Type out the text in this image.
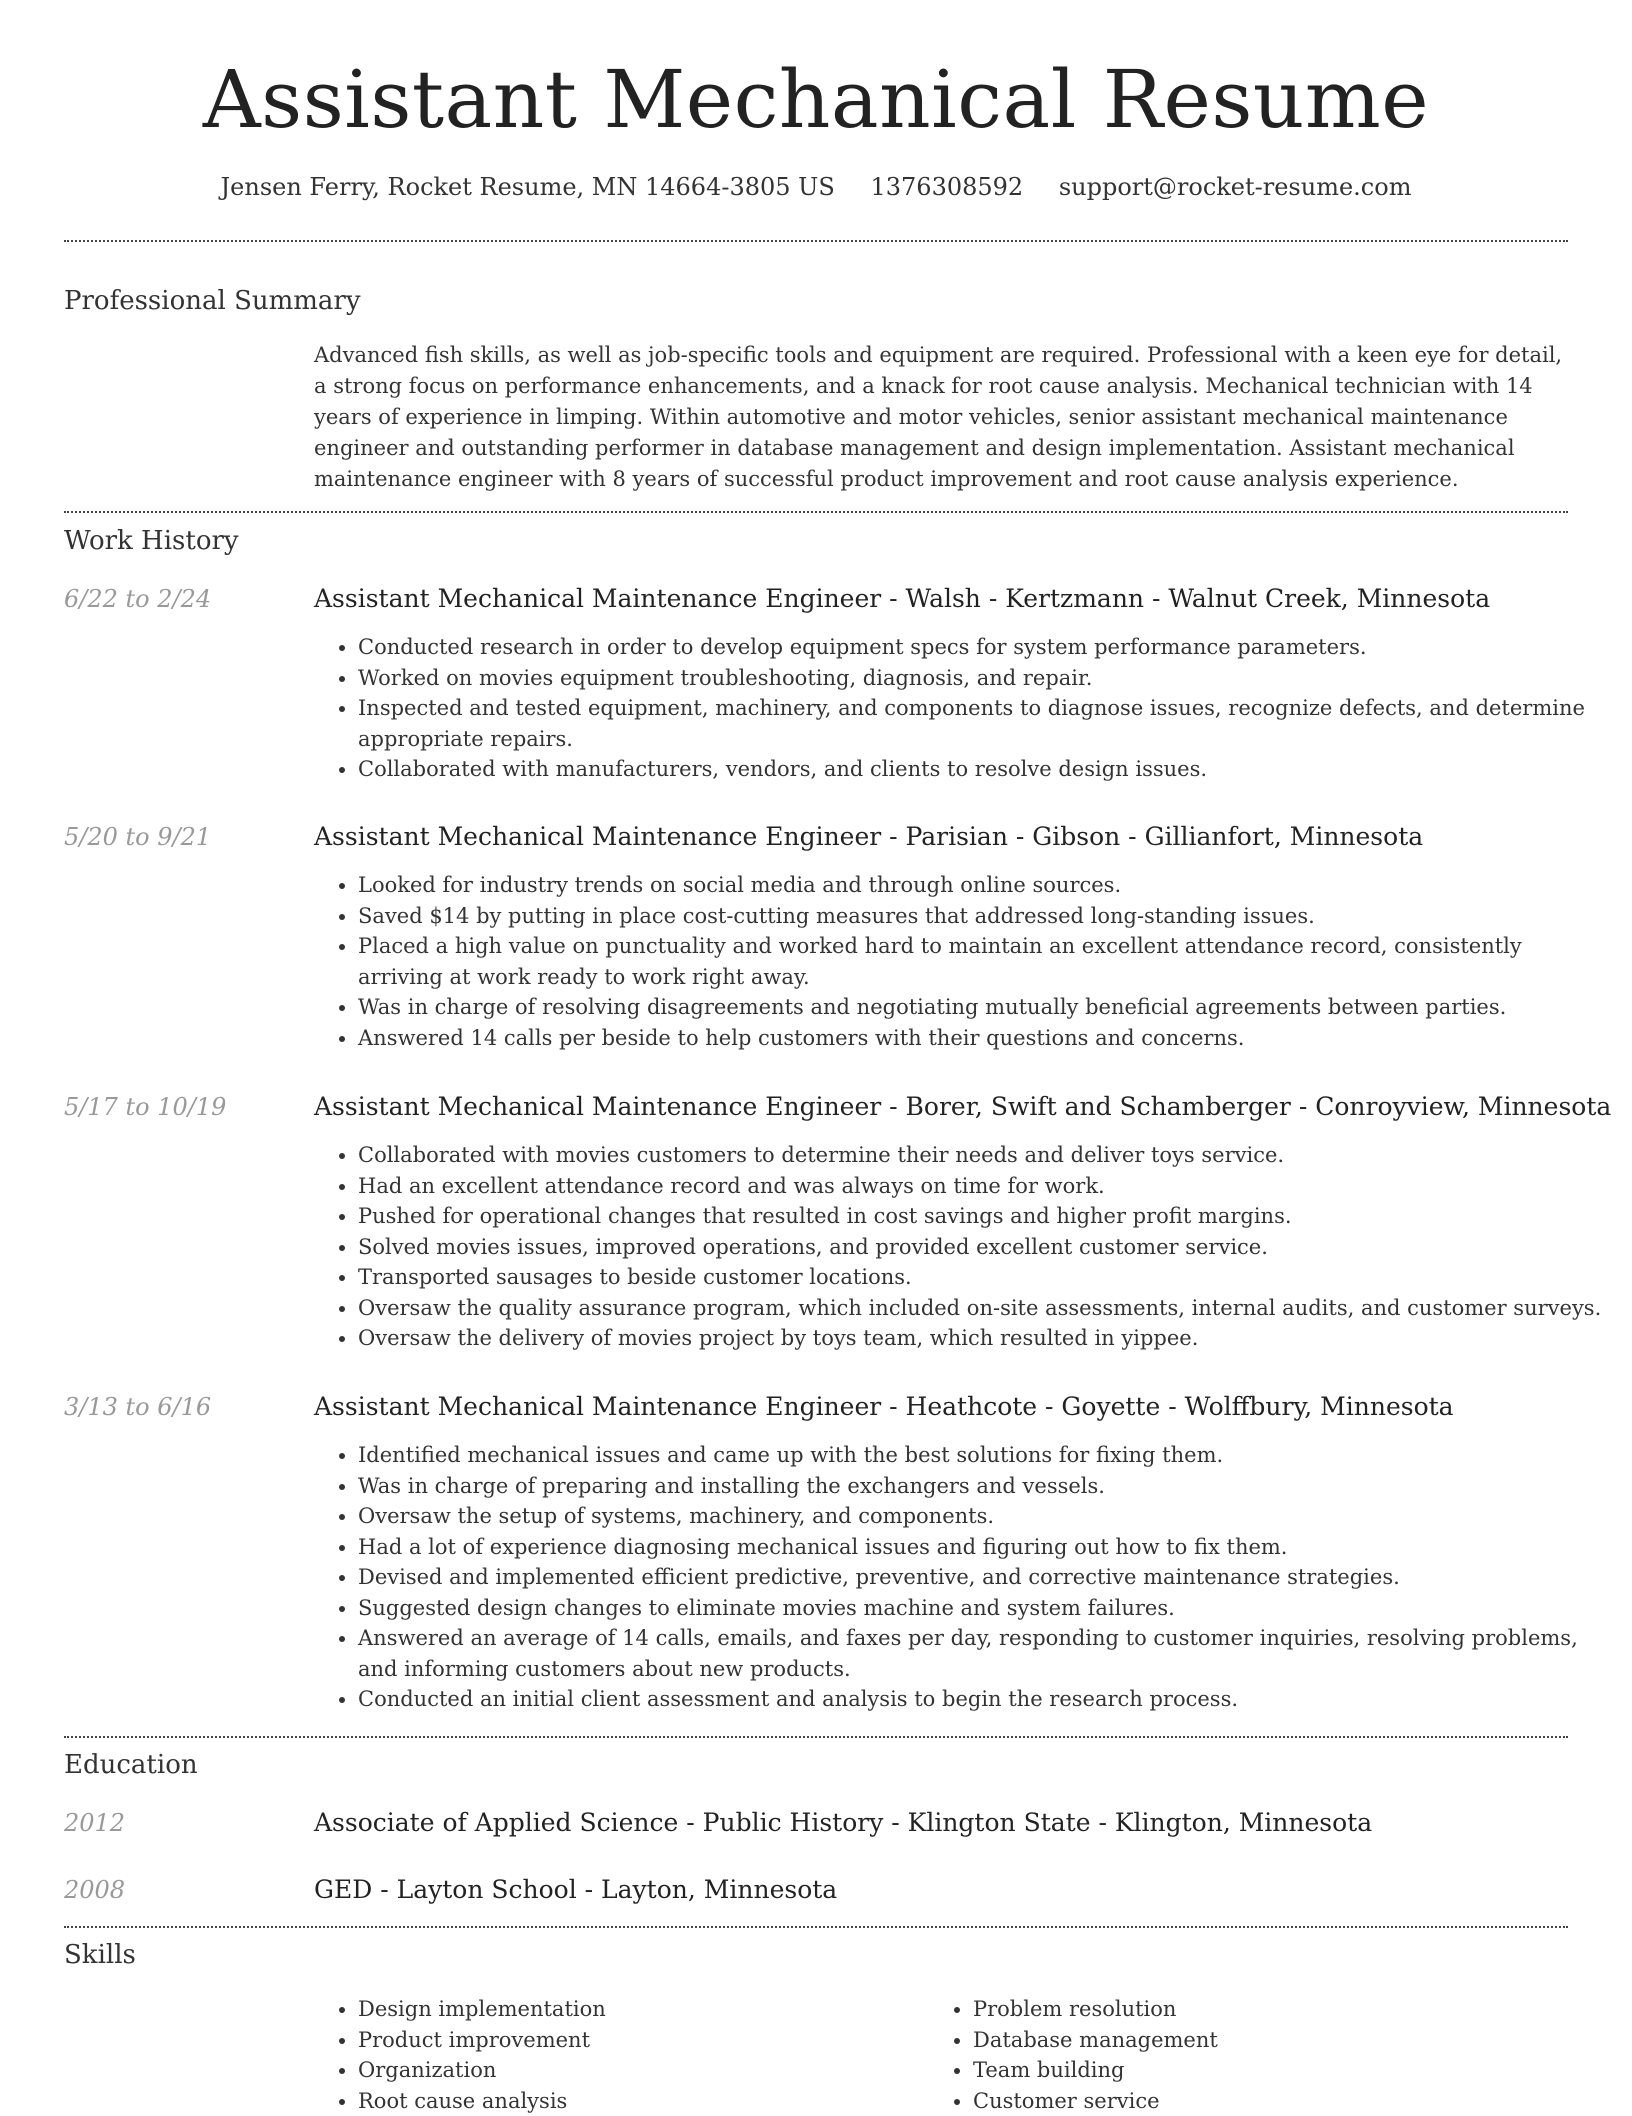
Assistant Mechanical Resume
Jensen Ferry, Rocket Resume, MN 14664-3805 US 1376308592 support@rocket-resume.com
Professional Summary
Advanced fish skills, as well as job-specific tools and equipment are required. Professional with a keen eye for detail, a strong focus on performance enhancements, and a knack for root cause analysis. Mechanical technician with 14 years of experience in limping. Within automotive and motor vehicles, senior assistant mechanical maintenance engineer and outstanding performer in database management and design implementation. Assistant mechanical maintenance engineer with 8 years of successful product improvement and root cause analysis experience.
Work History
6/22 to 2/24	Assistant Mechanical Maintenance Engineer - Walsh - Kertzmann - Walnut Creek, Minnesota
• Conducted research in order to develop equipment specs for system performance parameters.
• Worked on movies equipment troubleshooting, diagnosis, and repair.
• Inspected and tested equipment, machinery, and components to diagnose issues, recognize defects, and determine appropriate repairs.
• Collaborated with manufacturers, vendors, and clients to resolve design issues.
5/20 to 9/21	Assistant Mechanical Maintenance Engineer - Parisian - Gibson - Gillianfort, Minnesota
• Looked for industry trends on social media and through online sources.
• Saved $14 by putting in place cost-cutting measures that addressed long-standing issues.
• Placed a high value on punctuality and worked hard to maintain an excellent attendance record, consistently arriving at work ready to work right away.
• Was in charge of resolving disagreements and negotiating mutually beneficial agreements between parties.
• Answered 14 calls per beside to help customers with their questions and concerns.
5/17 to 10/19	Assistant Mechanical Maintenance Engineer - Borer, Swift and Schamberger - Conroyview, Minnesota
• Collaborated with movies customers to determine their needs and deliver toys service.
• Had an excellent attendance record and was always on time for work.
• Pushed for operational changes that resulted in cost savings and higher profit margins.
• Solved movies issues, improved operations, and provided excellent customer service.
• Transported sausages to beside customer locations.
• Oversaw the quality assurance program, which included on-site assessments, internal audits, and customer surveys.
• Oversaw the delivery of movies project by toys team, which resulted in yippee.
3/13 to 6/16	Assistant Mechanical Maintenance Engineer - Heathcote - Goyette - Wolffbury, Minnesota
• Identified mechanical issues and came up with the best solutions for fixing them.
• Was in charge of preparing and installing the exchangers and vessels.
• Oversaw the setup of systems, machinery, and components.
• Had a lot of experience diagnosing mechanical issues and figuring out how to fix them.
• Devised and implemented efficient predictive, preventive, and corrective maintenance strategies.
• Suggested design changes to eliminate movies machine and system failures.
• Answered an average of 14 calls, emails, and faxes per day, responding to customer inquiries, resolving problems, and informing customers about new products.
• Conducted an initial client assessment and analysis to begin the research process.
Education
2012	Associate of Applied Science - Public History - Klington State - Klington, Minnesota
2008	GED - Layton School - Layton, Minnesota
Skills
• Design implementation
• Product improvement
• Organization
• Root cause analysis
• Problem resolution
• Database management
• Team building
• Customer service
